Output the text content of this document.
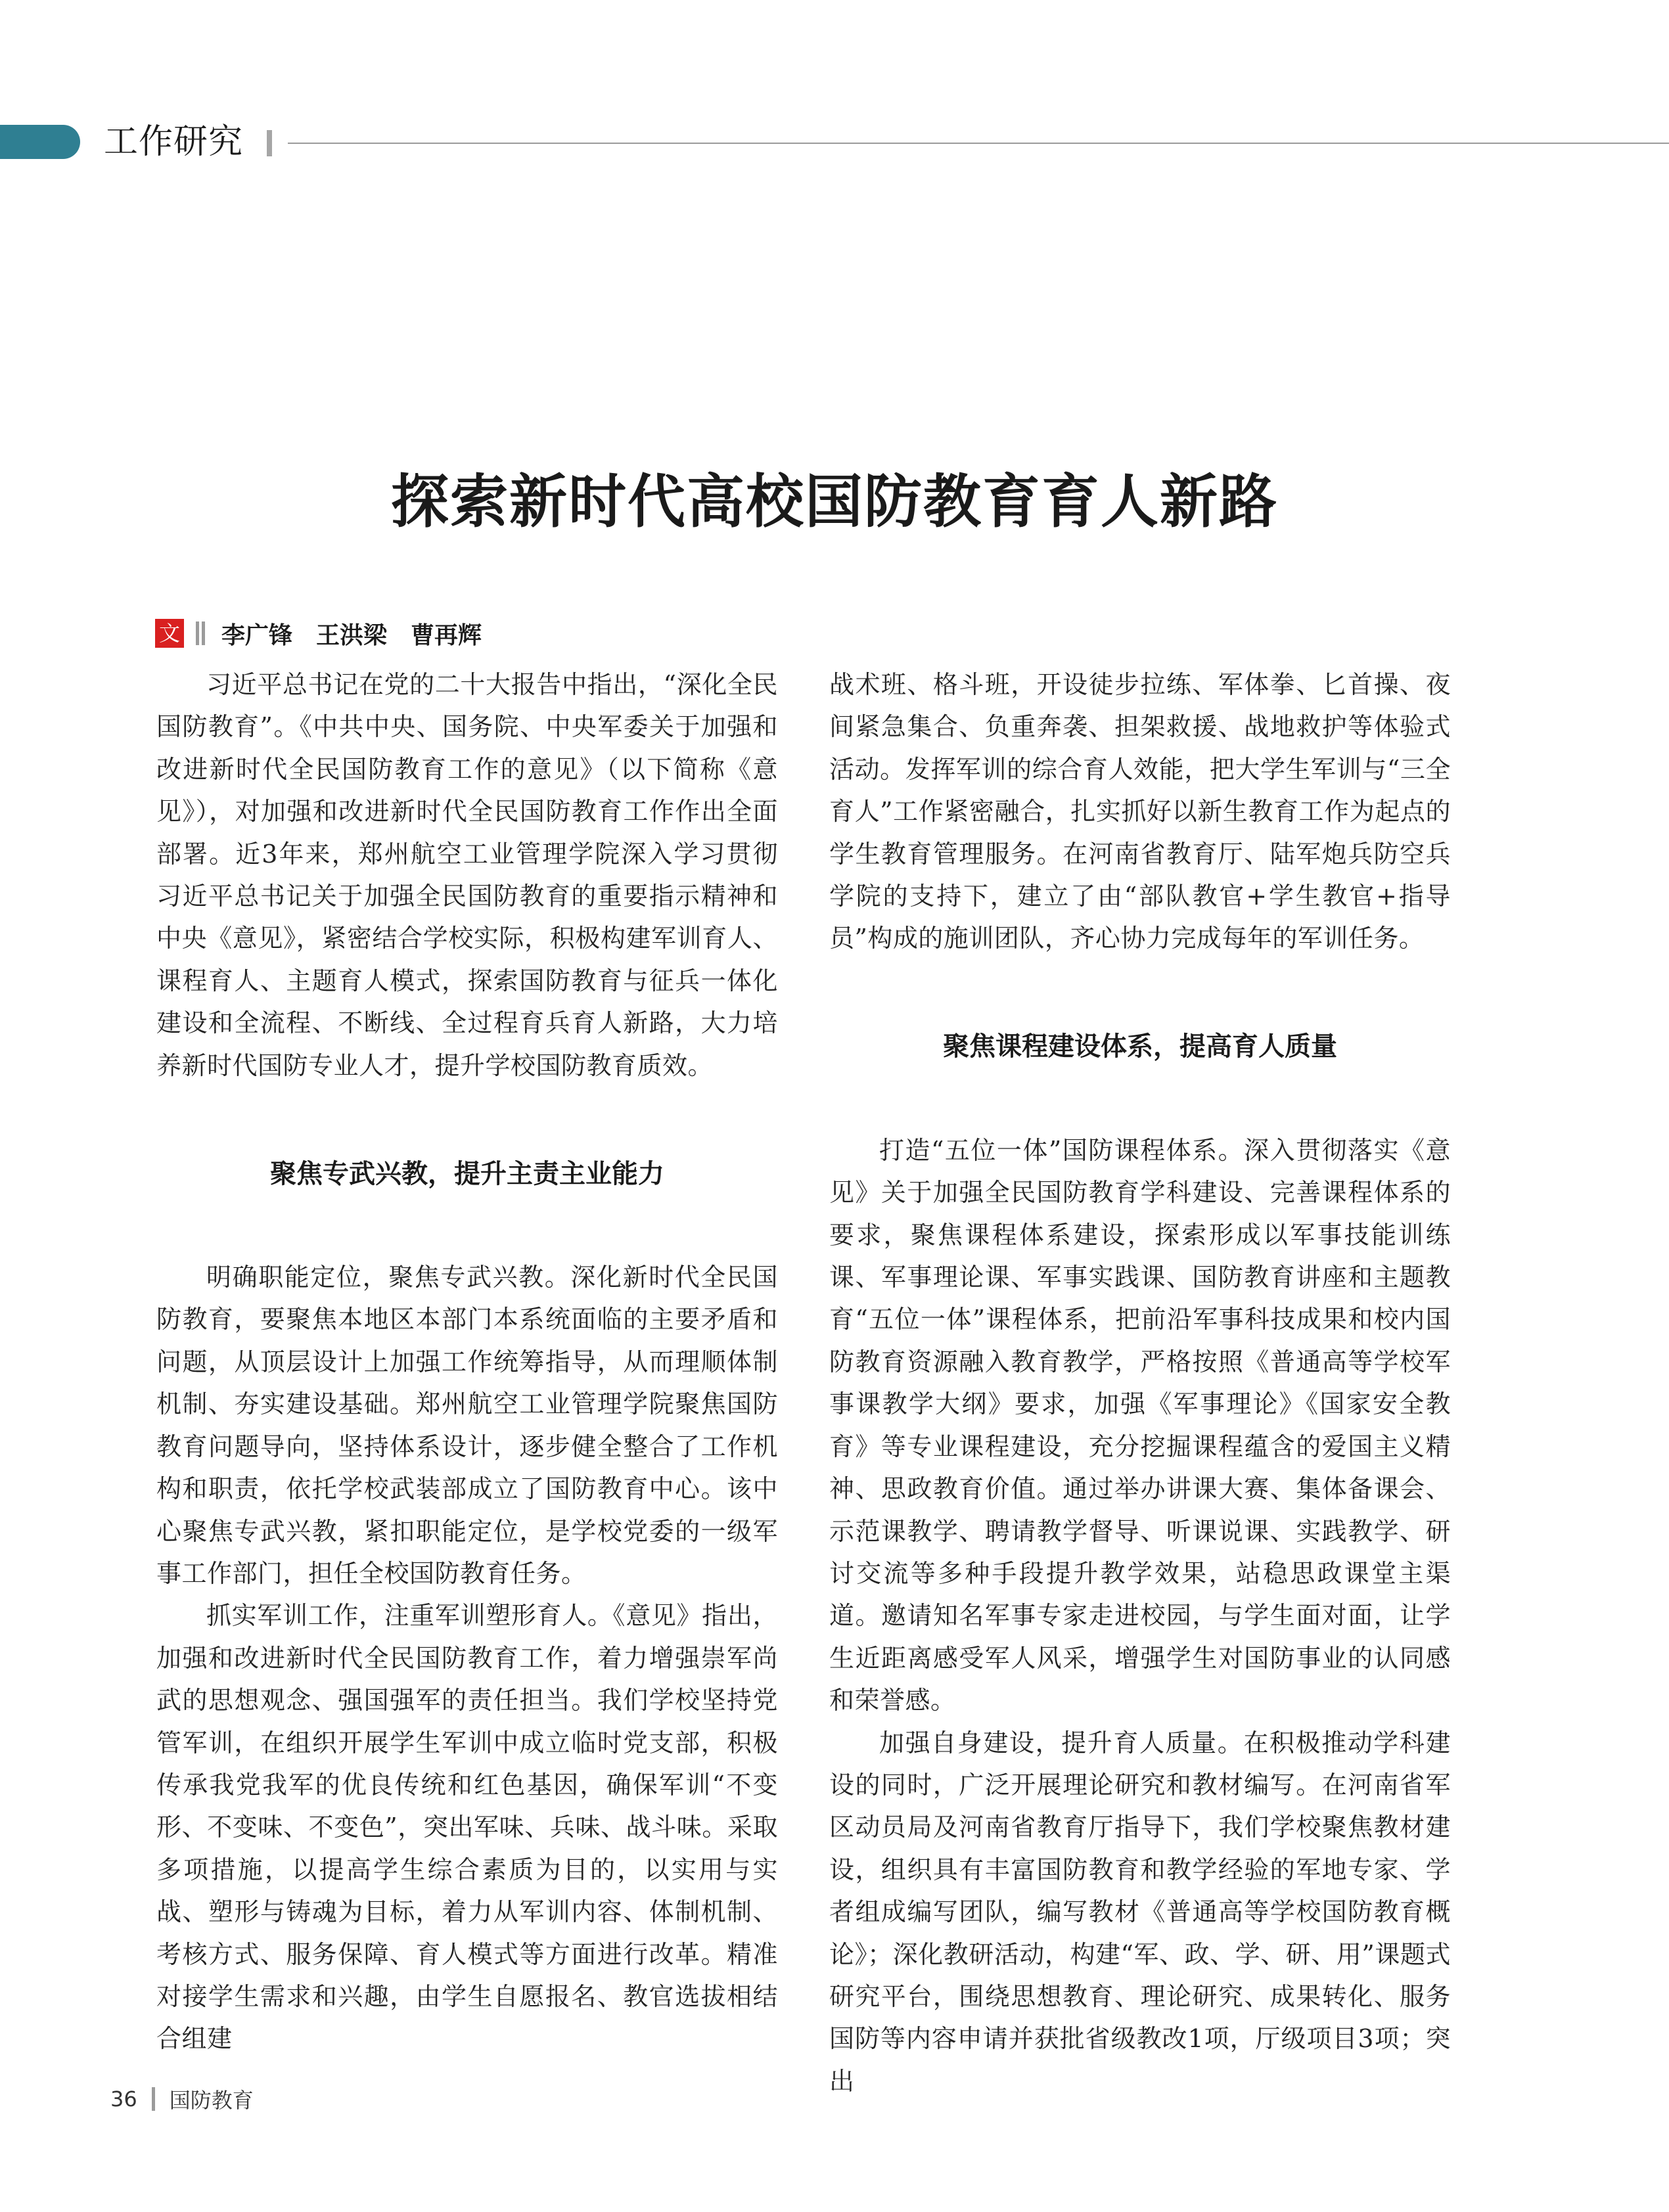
工作研究
探索新时代高校国防教育育人新路
文 李广锋　王洪梁　曹再辉

习近平总书记在党的二十大报告中指出，“深化全民国防教育”。《中共中央、国务院、中央军委关于加强和改进新时代全民国防教育工作的意见》（以下简称《意见》），对加强和改进新时代全民国防教育工作作出全面部署。近3年来，郑州航空工业管理学院深入学习贯彻习近平总书记关于加强全民国防教育的重要指示精神和中央《意见》，紧密结合学校实际，积极构建军训育人、课程育人、主题育人模式，探索国防教育与征兵一体化建设和全流程、不断线、全过程育兵育人新路，大力培养新时代国防专业人才，提升学校国防教育质效。

聚焦专武兴教，提升主责主业能力

明确职能定位，聚焦专武兴教。深化新时代全民国防教育，要聚焦本地区本部门本系统面临的主要矛盾和问题，从顶层设计上加强工作统筹指导，从而理顺体制机制、夯实建设基础。郑州航空工业管理学院聚焦国防教育问题导向，坚持体系设计，逐步健全整合了工作机构和职责，依托学校武装部成立了国防教育中心。该中心聚焦专武兴教，紧扣职能定位，是学校党委的一级军事工作部门，担任全校国防教育任务。

抓实军训工作，注重军训塑形育人。《意见》指出，加强和改进新时代全民国防教育工作，着力增强崇军尚武的思想观念、强国强军的责任担当。我们学校坚持党管军训，在组织开展学生军训中成立临时党支部，积极传承我党我军的优良传统和红色基因，确保军训“不变形、不变味、不变色”，突出军味、兵味、战斗味。采取多项措施，以提高学生综合素质为目的，以实用与实战、塑形与铸魂为目标，着力从军训内容、体制机制、考核方式、服务保障、育人模式等方面进行改革。精准对接学生需求和兴趣，由学生自愿报名、教官选拔相结合组建

战术班、格斗班，开设徒步拉练、军体拳、匕首操、夜间紧急集合、负重奔袭、担架救援、战地救护等体验式活动。发挥军训的综合育人效能，把大学生军训与“三全育人”工作紧密融合，扎实抓好以新生教育工作为起点的学生教育管理服务。在河南省教育厅、陆军炮兵防空兵学院的支持下，建立了由“部队教官+学生教官+指导员”构成的施训团队，齐心协力完成每年的军训任务。

聚焦课程建设体系，提高育人质量

打造“五位一体”国防课程体系。深入贯彻落实《意见》关于加强全民国防教育学科建设、完善课程体系的要求，聚焦课程体系建设，探索形成以军事技能训练课、军事理论课、军事实践课、国防教育讲座和主题教育“五位一体”课程体系，把前沿军事科技成果和校内国防教育资源融入教育教学，严格按照《普通高等学校军事课教学大纲》要求，加强《军事理论》《国家安全教育》等专业课程建设，充分挖掘课程蕴含的爱国主义精神、思政教育价值。通过举办讲课大赛、集体备课会、示范课教学、聘请教学督导、听课说课、实践教学、研讨交流等多种手段提升教学效果，站稳思政课堂主渠道。邀请知名军事专家走进校园，与学生面对面，让学生近距离感受军人风采，增强学生对国防事业的认同感和荣誉感。

加强自身建设，提升育人质量。在积极推动学科建设的同时，广泛开展理论研究和教材编写。在河南省军区动员局及河南省教育厅指导下，我们学校聚焦教材建设，组织具有丰富国防教育和教学经验的军地专家、学者组成编写团队，编写教材《普通高等学校国防教育概论》；深化教研活动，构建“军、政、学、研、用”课题式研究平台，围绕思想教育、理论研究、成果转化、服务国防等内容申请并获批省级教改1项，厅级项目3项；突出

36 国防教育
